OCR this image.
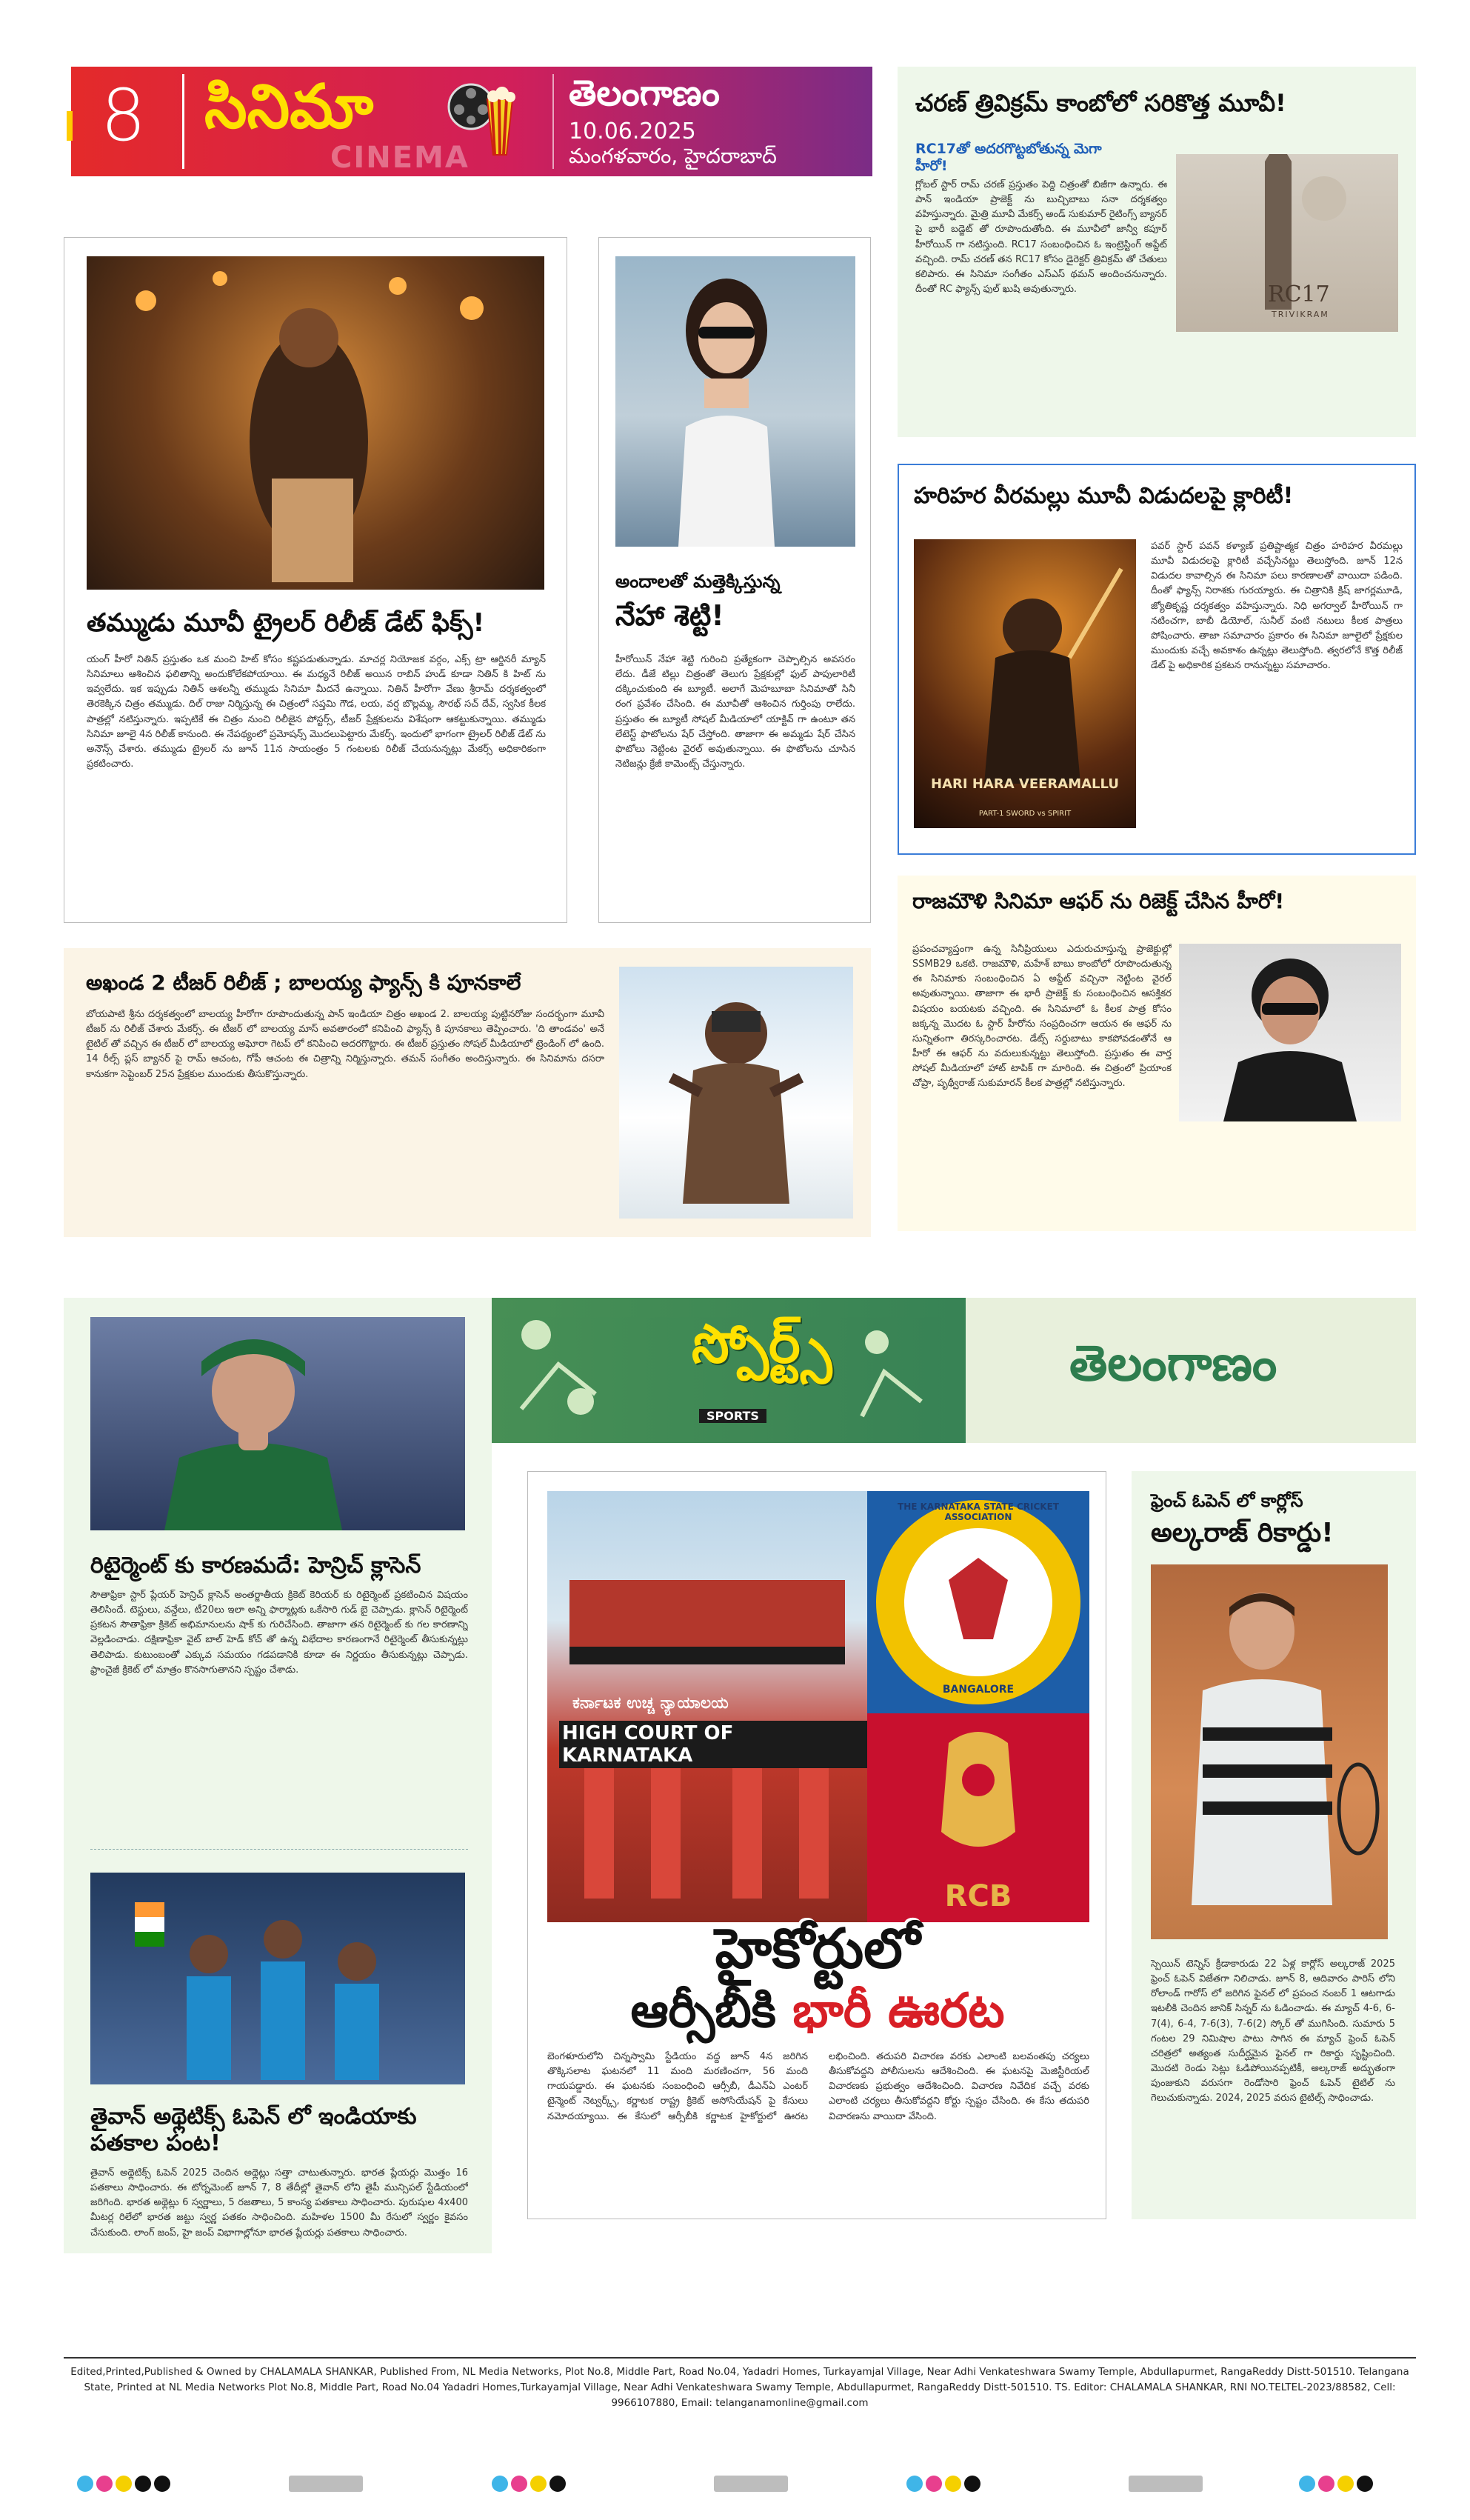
8 సినిమా
CINEMA
తెలంగాణం
10.06.2025
మంగళవారం, హైదరాబాద్
తమ్ముడు మూవీ ట్రైలర్ రిలీజ్ డేట్ ఫిక్స్!
యంగ్ హీరో నితిన్ ప్రస్తుతం ఒక మంచి హిట్ కోసం కష్టపడుతున్నాడు. మాచర్ల నియోజక వర్గం, ఎక్స్ ట్రా ఆర్డినరీ మ్యాన్ సినిమాలు ఆశించిన ఫలితాన్ని అందుకోలేకపోయాయి. ఈ మధ్యనే రిలీజ్ అయిన రాబిన్ హుడ్ కూడా నితిన్ కి హిట్ ను ఇవ్వలేదు. ఇక ఇప్పుడు నితిన్ ఆశలన్నీ తమ్ముడు సినిమా మీదనే ఉన్నాయి. నితిన్ హీరోగా వేణు శ్రీరామ్ దర్శకత్వంలో తెరకెక్కిన చిత్రం తమ్ముడు. దిల్ రాజు నిర్మిస్తున్న ఈ చిత్రంలో సప్తమి గౌడ, లయ, వర్ష బొల్లమ్మ, సౌరభ్ సచ్ దేవ్, స్వసిక కీలక పాత్రల్లో నటిస్తున్నారు. ఇప్పటికే ఈ చిత్రం నుంచి రిలీజైన పోస్టర్స్, టీజర్ ప్రేక్షకులను విశేషంగా ఆకట్టుకున్నాయి. తమ్ముడు సినిమా జూలై 4న రిలీజ్ కానుంది. ఈ నేపథ్యంలో ప్రమోషన్స్ మొదలుపెట్టారు మేకర్స్. ఇందులో భాగంగా ట్రైలర్ రిలీజ్ డేట్ ను అనౌన్స్ చేశారు. తమ్ముడు ట్రైలర్ ను జూన్ 11న సాయంత్రం 5 గంటలకు రిలీజ్ చేయనున్నట్లు మేకర్స్ అధికారికంగా ప్రకటించారు.
అందాలతో మత్తెక్కిస్తున్న
నేహా శెట్టి!
హీరోయిన్ నేహా శెట్టి గురించి ప్రత్యేకంగా చెప్పాల్సిన అవసరం లేదు. డీజే టిల్లు చిత్రంతో తెలుగు ప్రేక్షకుల్లో ఫుల్ పాపులారిటీ దక్కించుకుంది ఈ బ్యూటీ. అలాగే మెహబూబా సినిమాతో సినీ రంగ ప్రవేశం చేసింది. ఈ మూవీతో ఆశించిన గుర్తింపు రాలేదు. ప్రస్తుతం ఈ బ్యూటీ సోషల్ మీడియాలో యాక్టివ్ గా ఉంటూ తన లేటెస్ట్ ఫొటోలను షేర్ చేస్తోంది. తాజాగా ఈ అమ్మడు షేర్ చేసిన ఫొటోలు నెట్టింట వైరల్ అవుతున్నాయి. ఈ ఫొటోలను చూసిన నెటిజన్లు క్రేజీ కామెంట్స్ చేస్తున్నారు.
అఖండ 2 టీజర్ రిలీజ్ ; బాలయ్య ఫ్యాన్స్ కి పూనకాలే
బోయపాటి శ్రీను దర్శకత్వంలో బాలయ్య హీరోగా రూపొందుతున్న పాన్ ఇండియా చిత్రం అఖండ 2. బాలయ్య పుట్టినరోజు సందర్భంగా మూవీ టీజర్ ను రిలీజ్ చేశారు మేకర్స్. ఈ టీజర్ లో బాలయ్య మాస్ అవతారంలో కనిపించి ఫ్యాన్స్ కి పూనకాలు తెప్పించారు. 'ది తాండవం' అనే టైటిల్ తో వచ్చిన ఈ టీజర్ లో బాలయ్య అఘోరా గెటప్ లో కనిపించి అదరగొట్టారు. ఈ టీజర్ ప్రస్తుతం సోషల్ మీడియాలో ట్రెండింగ్ లో ఉంది. 14 రీల్స్ ప్లస్ బ్యానర్ పై రామ్ ఆచంట, గోపీ ఆచంట ఈ చిత్రాన్ని నిర్మిస్తున్నారు. తమన్ సంగీతం అందిస్తున్నారు. ఈ సినిమాను దసరా కానుకగా సెప్టెంబర్ 25న ప్రేక్షకుల ముందుకు తీసుకొస్తున్నారు.
చరణ్ త్రివిక్రమ్ కాంబోలో సరికొత్త మూవీ!
RC17తో అదరగొట్టబోతున్న మెగా హీరో!
RC17
TRIVIKRAM
గ్లోబల్ స్టార్ రామ్ చరణ్ ప్రస్తుతం పెద్ది చిత్రంతో బిజీగా ఉన్నారు. ఈ పాన్ ఇండియా ప్రాజెక్ట్ ను బుచ్చిబాబు సనా దర్శకత్వం వహిస్తున్నారు. మైత్రి మూవీ మేకర్స్ అండ్ సుకుమార్ రైటింగ్స్ బ్యానర్ పై భారీ బడ్జెట్ తో రూపొందుతోంది. ఈ మూవీలో జాన్వీ కపూర్ హీరోయిన్ గా నటిస్తుంది. RC17 సంబంధించిన ఓ ఇంట్రెస్టింగ్ అప్డేట్ వచ్చింది. రామ్ చరణ్ తన RC17 కోసం డైరెక్టర్ త్రివిక్రమ్ తో చేతులు కలిపారు. ఈ సినిమా సంగీతం ఎస్ఎస్ థమన్ అందించనున్నారు. దీంతో RC ఫ్యాన్స్ ఫుల్ ఖుషి అవుతున్నారు.
హరిహర వీరమల్లు మూవీ విడుదలపై క్లారిటీ!
HARI HARA VEERAMALLU
PART-1 SWORD vs SPIRIT
పవర్ స్టార్ పవన్ కళ్యాణ్ ప్రతిష్టాత్మక చిత్రం హరిహర వీరమల్లు మూవీ విడుదలపై క్లారిటీ వచ్చేసినట్టు తెలుస్తోంది. జూన్ 12న విడుదల కావాల్సిన ఈ సినిమా పలు కారణాలతో వాయిదా పడింది. దీంతో ఫ్యాన్స్ నిరాశకు గురయ్యారు. ఈ చిత్రానికి క్రిష్ జాగర్లమూడి, జ్యోతికృష్ణ దర్శకత్వం వహిస్తున్నారు. నిధి అగర్వాల్ హీరోయిన్ గా నటించగా, బాబీ డియోల్, సునీల్ వంటి నటులు కీలక పాత్రలు పోషించారు. తాజా సమాచారం ప్రకారం ఈ సినిమా జూలైలో ప్రేక్షకుల ముందుకు వచ్చే అవకాశం ఉన్నట్లు తెలుస్తోంది. త్వరలోనే కొత్త రిలీజ్ డేట్ పై అధికారిక ప్రకటన రానున్నట్టు సమాచారం.
రాజమౌళి సినిమా ఆఫర్ ను రిజెక్ట్ చేసిన హీరో!
ప్రపంచవ్యాప్తంగా ఉన్న సినీప్రియులు ఎదురుచూస్తున్న ప్రాజెక్టుల్లో SSMB29 ఒకటి. రాజమౌళి, మహేశ్ బాబు కాంబోలో రూపొందుతున్న ఈ సినిమాకు సంబంధించిన ఏ అప్డేట్ వచ్చినా నెట్టింట వైరల్ అవుతున్నాయి. తాజాగా ఈ భారీ ప్రాజెక్ట్ కు సంబంధించిన ఆసక్తికర విషయం బయటకు వచ్చింది. ఈ సినిమాలో ఓ కీలక పాత్ర కోసం జక్కన్న మొదట ఓ స్టార్ హీరోను సంప్రదించగా ఆయన ఈ ఆఫర్ ను సున్నితంగా తిరస్కరించారట. డేట్స్ సర్దుబాటు కాకపోవడంతోనే ఆ హీరో ఈ ఆఫర్ ను వదులుకున్నట్టు తెలుస్తోంది. ప్రస్తుతం ఈ వార్త సోషల్ మీడియాలో హాట్ టాపిక్ గా మారింది. ఈ చిత్రంలో ప్రియాంక చోప్రా, పృథ్వీరాజ్ సుకుమారన్ కీలక పాత్రల్లో నటిస్తున్నారు.
స్పోర్ట్స్
SPORTS
తెలంగాణం
రిటైర్మెంట్ కు కారణమదే: హెన్రిచ్ క్లాసెన్
సౌతాఫ్రికా స్టార్ ప్లేయర్ హెన్రిచ్ క్లాసెన్ అంతర్జాతీయ క్రికెట్ కెరియర్ కు రిటైర్మెంట్ ప్రకటించిన విషయం తెలిసిందే. టెస్టులు, వన్డేలు, టీ20లు ఇలా అన్ని ఫార్మాట్లకు ఒకేసారి గుడ్ బై చెప్పాడు. క్లాసెన్ రిటైర్మెంట్ ప్రకటన సౌతాఫ్రికా క్రికెట్ అభిమానులను షాక్ కు గురిచేసింది. తాజాగా తన రిటైర్మెంట్ కు గల కారణాన్ని వెల్లడించాడు. దక్షిణాఫ్రికా వైట్ బాల్ హెడ్ కోచ్ తో ఉన్న విభేదాల కారణంగానే రిటైర్మెంట్ తీసుకున్నట్లు తెలిపాడు. కుటుంబంతో ఎక్కువ సమయం గడపడానికి కూడా ఈ నిర్ణయం తీసుకున్నట్లు చెప్పాడు. ఫ్రాంచైజీ క్రికెట్ లో మాత్రం కొనసాగుతానని స్పష్టం చేశాడు.
తైవాన్ అథ్లెటిక్స్ ఓపెన్ లో ఇండియాకు పతకాల పంట!
తైవాన్ అథ్లెటిక్స్ ఓపెన్ 2025 చెందిన అథ్లెట్లు సత్తా చాటుతున్నారు. భారత ప్లేయర్లు మొత్తం 16 పతకాలు సాధించారు. ఈ టోర్నమెంట్ జూన్ 7, 8 తేదీల్లో తైవాన్ లోని తైపీ మున్సిపల్ స్టేడియంలో జరిగింది. భారత అథ్లెట్లు 6 స్వర్ణాలు, 5 రజతాలు, 5 కాంస్య పతకాలు సాధించారు. పురుషుల 4x400 మీటర్ల రిలేలో భారత జట్టు స్వర్ణ పతకం సాధించింది. మహిళల 1500 మీ రేసులో స్వర్ణం కైవసం చేసుకుంది. లాంగ్ జంప్, హై జంప్ విభాగాల్లోనూ భారత ప్లేయర్లు పతకాలు సాధించారు.
ಕರ್ನಾಟಕ ಉಚ್ಚ ನ್ಯಾಯಾಲಯ
HIGH COURT OF KARNATAKA
THE KARNATAKA STATE CRICKET ASSOCIATION
BANGALORE
RCB
హైకోర్టులో
ఆర్సీబీకి భారీ ఊరట
బెంగళూరులోని చిన్నస్వామి స్టేడియం వద్ద జూన్ 4న జరిగిన తొక్కిసలాట ఘటనలో 11 మంది మరణించగా, 56 మంది గాయపడ్డారు. ఈ ఘటనకు సంబంధించి ఆర్సీబీ, డీఎన్ఏ ఎంటర్ టైన్మెంట్ నెట్వర్క్స్, కర్ణాటక రాష్ట్ర క్రికెట్ అసోసియేషన్ పై కేసులు నమోదయ్యాయి. ఈ కేసులో ఆర్సీబీకి కర్ణాటక హైకోర్టులో ఊరట లభించింది. తదుపరి విచారణ వరకు ఎలాంటి బలవంతపు చర్యలు తీసుకోవద్దని పోలీసులను ఆదేశించింది. ఈ ఘటనపై మెజిస్టీరియల్ విచారణకు ప్రభుత్వం ఆదేశించింది. విచారణ నివేదిక వచ్చే వరకు ఎలాంటి చర్యలు తీసుకోవద్దని కోర్టు స్పష్టం చేసింది. ఈ కేసు తదుపరి విచారణను వాయిదా వేసింది.
ఫ్రెంచ్ ఓపెన్ లో కార్లోస్
అల్కరాజ్ రికార్డు!
స్పెయిన్ టెన్నిస్ క్రీడాకారుడు 22 ఏళ్ల కార్లోస్ అల్కరాజ్ 2025 ఫ్రెంచ్ ఓపెన్ విజేతగా నిలిచాడు. జూన్ 8, ఆదివారం పారిస్ లోని రోలాండ్ గారోస్ లో జరిగిన ఫైనల్ లో ప్రపంచ నంబర్ 1 ఆటగాడు ఇటలీకి చెందిన జానిక్ సిన్నర్ ను ఓడించాడు. ఈ మ్యాచ్ 4-6, 6-7(4), 6-4, 7-6(3), 7-6(2) స్కోర్ తో ముగిసింది. సుమారు 5 గంటల 29 నిమిషాల పాటు సాగిన ఈ మ్యాచ్ ఫ్రెంచ్ ఓపెన్ చరిత్రలో అత్యంత సుదీర్ఘమైన ఫైనల్ గా రికార్డు సృష్టించింది. మొదటి రెండు సెట్లు ఓడిపోయినప్పటికీ, అల్కరాజ్ అద్భుతంగా పుంజుకుని వరుసగా రెండోసారి ఫ్రెంచ్ ఓపెన్ టైటిల్ ను గెలుచుకున్నాడు. 2024, 2025 వరుస టైటిల్స్ సాధించాడు.
Edited,Printed,Published & Owned by CHALAMALA SHANKAR, Published From, NL Media Networks, Plot No.8, Middle Part, Road No.04, Yadadri Homes, Turkayamjal Village, Near Adhi Venkateshwara Swamy Temple, Abdullapurmet, RangaReddy Distt-501510. Telangana State, Printed at NL Media Networks Plot No.8, Middle Part, Road No.04 Yadadri Homes,Turkayamjal Village, Near Adhi Venkateshwara Swamy Temple, Abdullapurmet, RangaReddy Distt-501510. TS. Editor: CHALAMALA SHANKAR, RNI NO.TELTEL-2023/88582, Cell: 9966107880, Email: telanganamonline@gmail.com
